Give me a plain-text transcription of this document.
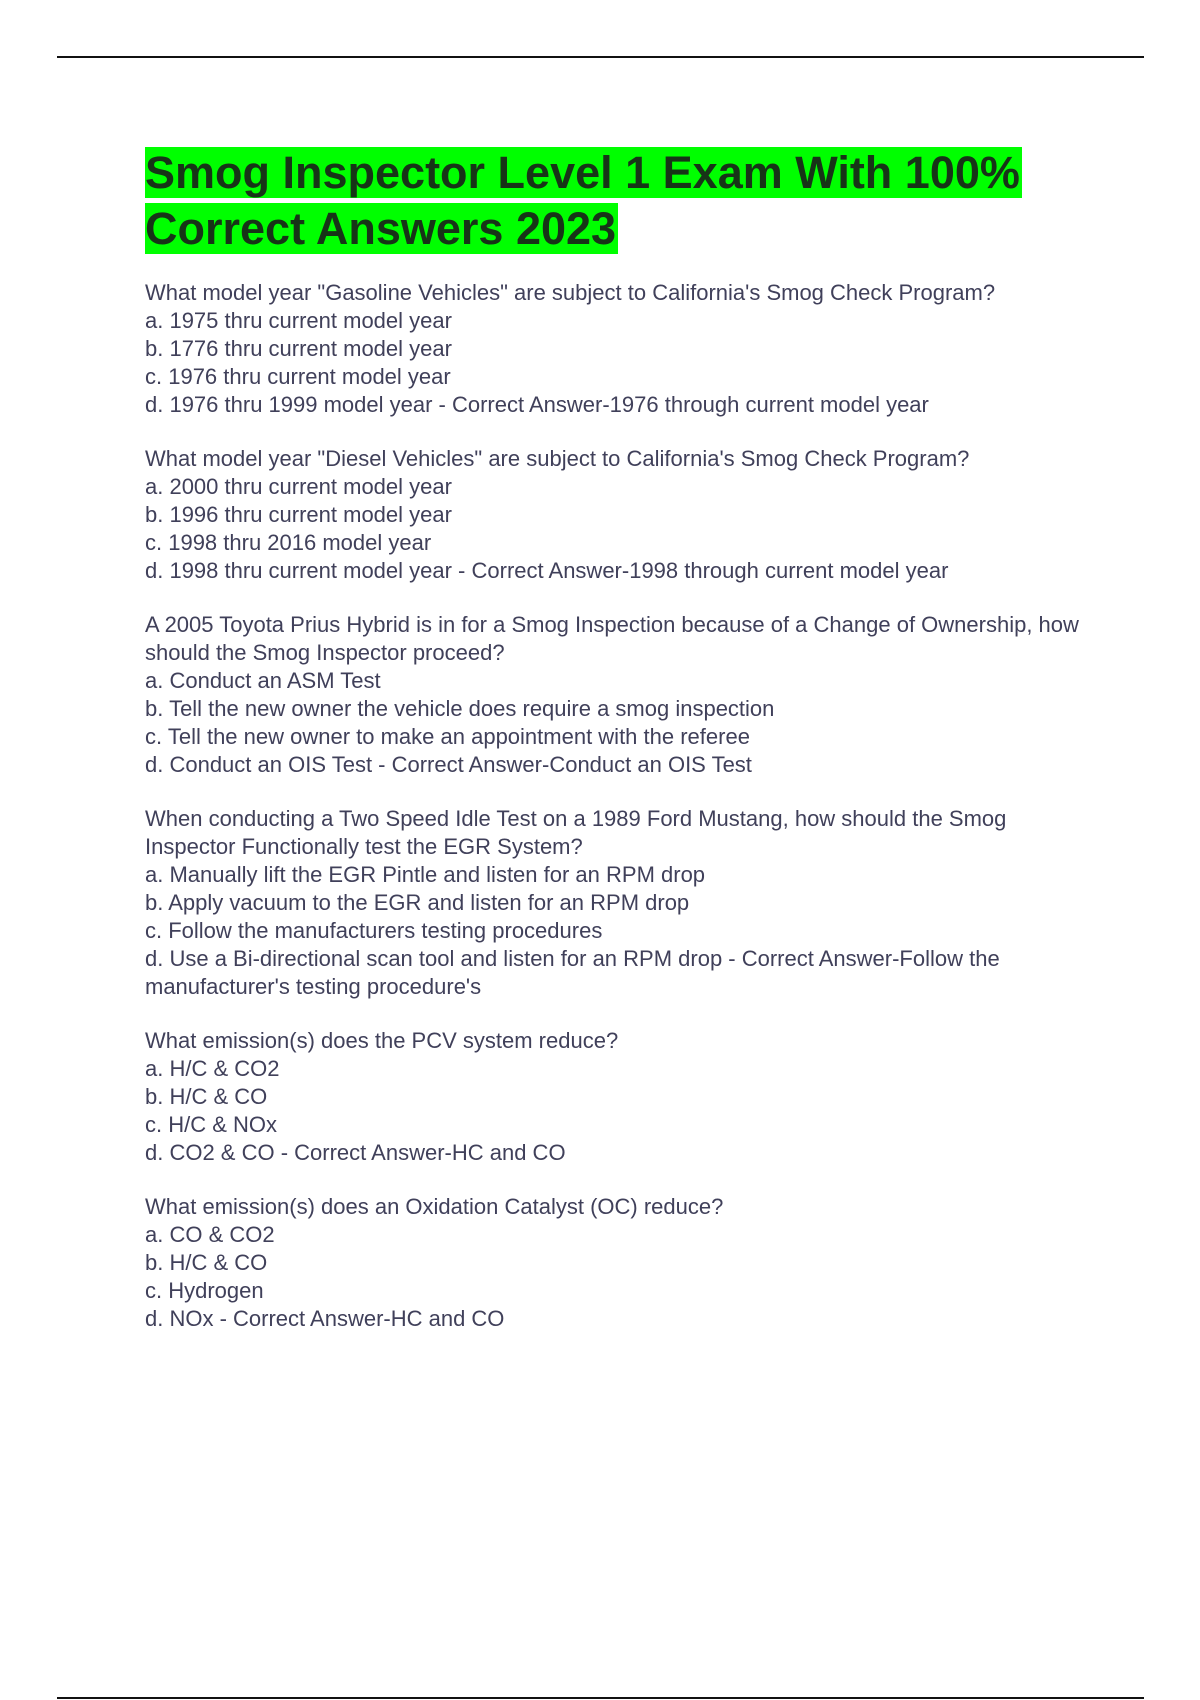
Smog Inspector Level 1 Exam With 100%
Correct Answers 2023
What model year "Gasoline Vehicles" are subject to California's Smog Check Program?
a. 1975 thru current model year
b. 1776 thru current model year
c. 1976 thru current model year
d. 1976 thru 1999 model year - Correct Answer-1976 through current model year
What model year "Diesel Vehicles" are subject to California's Smog Check Program?
a. 2000 thru current model year
b. 1996 thru current model year
c. 1998 thru 2016 model year
d. 1998 thru current model year - Correct Answer-1998 through current model year
A 2005 Toyota Prius Hybrid is in for a Smog Inspection because of a Change of Ownership, how should the Smog Inspector proceed?
a. Conduct an ASM Test
b. Tell the new owner the vehicle does require a smog inspection
c. Tell the new owner to make an appointment with the referee
d. Conduct an OIS Test - Correct Answer-Conduct an OIS Test
When conducting a Two Speed Idle Test on a 1989 Ford Mustang, how should the Smog Inspector Functionally test the EGR System?
a. Manually lift the EGR Pintle and listen for an RPM drop
b. Apply vacuum to the EGR and listen for an RPM drop
c. Follow the manufacturers testing procedures
d. Use a Bi-directional scan tool and listen for an RPM drop - Correct Answer-Follow the manufacturer's testing procedure's
What emission(s) does the PCV system reduce?
a. H/C & CO2
b. H/C & CO
c. H/C & NOx
d. CO2 & CO - Correct Answer-HC and CO
What emission(s) does an Oxidation Catalyst (OC) reduce?
a. CO & CO2
b. H/C & CO
c. Hydrogen
d. NOx - Correct Answer-HC and CO
